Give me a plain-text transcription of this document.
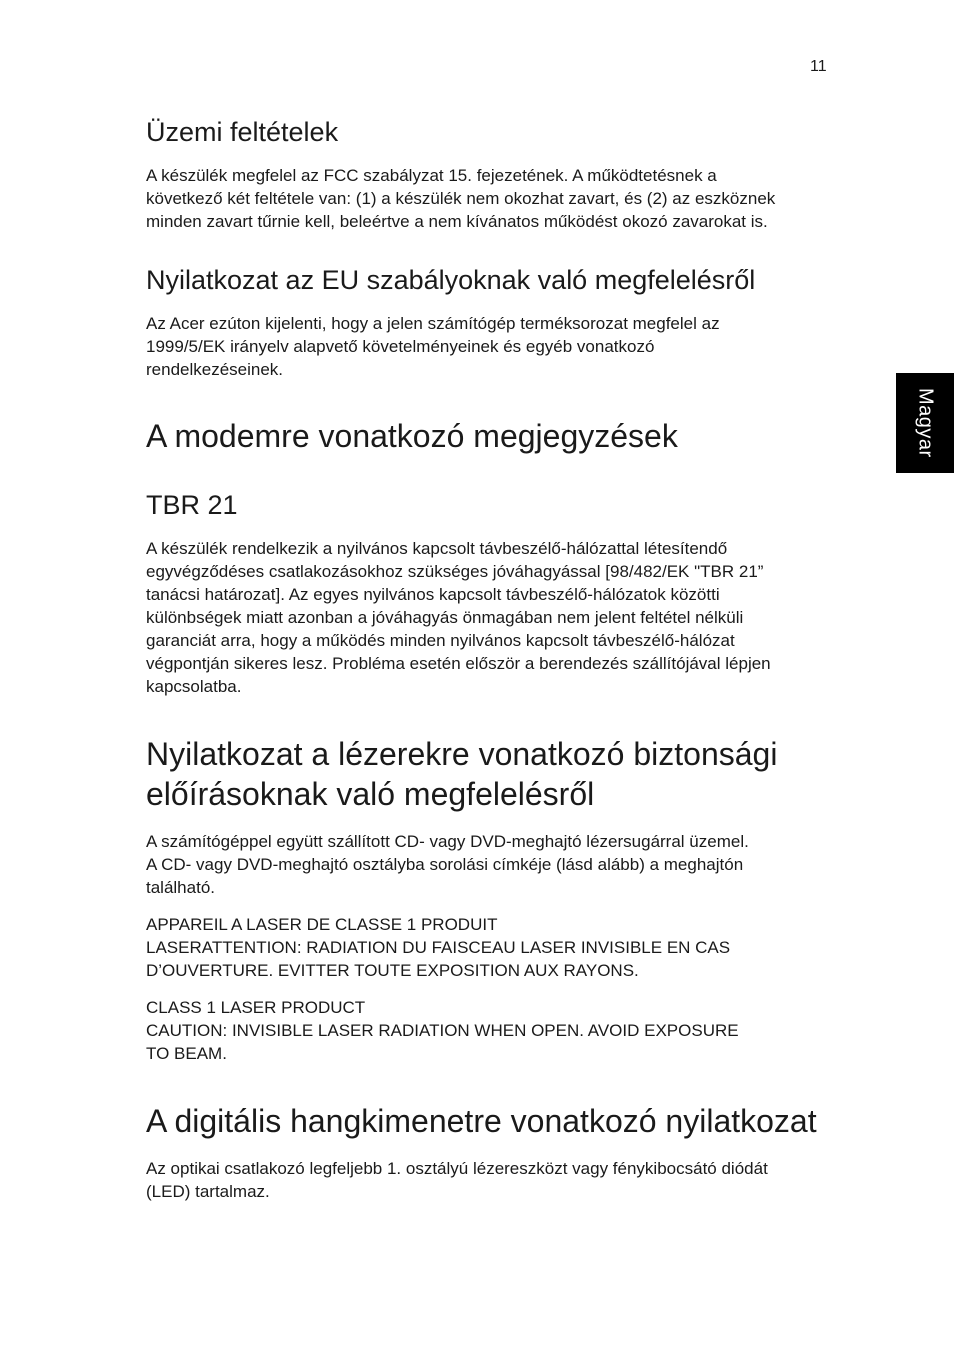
11
Magyar
Üzemi feltételek
A készülék megfelel az FCC szabályzat 15. fejezetének. A működtetésnek a
következő két feltétele van: (1) a készülék nem okozhat zavart, és (2) az eszköznek
minden zavart tűrnie kell, beleértve a nem kívánatos működést okozó zavarokat is.
Nyilatkozat az EU szabályoknak való megfelelésről
Az Acer ezúton kijelenti, hogy a jelen számítógép terméksorozat megfelel az
1999/5/EK irányelv alapvető követelményeinek és egyéb vonatkozó
rendelkezéseinek.
A modemre vonatkozó megjegyzések
TBR 21
A készülék rendelkezik a nyilvános kapcsolt távbeszélő-hálózattal létesítendő
egyvégződéses csatlakozásokhoz szükséges jóváhagyással [98/482/EK "TBR 21”
tanácsi határozat]. Az egyes nyilvános kapcsolt távbeszélő-hálózatok közötti
különbségek miatt azonban a jóváhagyás önmagában nem jelent feltétel nélküli
garanciát arra, hogy a működés minden nyilvános kapcsolt távbeszélő-hálózat
végpontján sikeres lesz. Probléma esetén először a berendezés szállítójával lépjen
kapcsolatba.
Nyilatkozat a lézerekre vonatkozó biztonsági
előírásoknak való megfelelésről
A számítógéppel együtt szállított CD- vagy DVD-meghajtó lézersugárral üzemel.
A CD- vagy DVD-meghajtó osztályba sorolási címkéje (lásd alább) a meghajtón
található.
APPAREIL A LASER DE CLASSE 1 PRODUIT
LASERATTENTION: RADIATION DU FAISCEAU LASER INVISIBLE EN CAS
D’OUVERTURE. EVITTER TOUTE EXPOSITION AUX RAYONS.
CLASS 1 LASER PRODUCT
CAUTION: INVISIBLE LASER RADIATION WHEN OPEN. AVOID EXPOSURE
TO BEAM.
A digitális hangkimenetre vonatkozó nyilatkozat
Az optikai csatlakozó legfeljebb 1. osztályú lézereszközt vagy fénykibocsátó diódát
(LED) tartalmaz.
